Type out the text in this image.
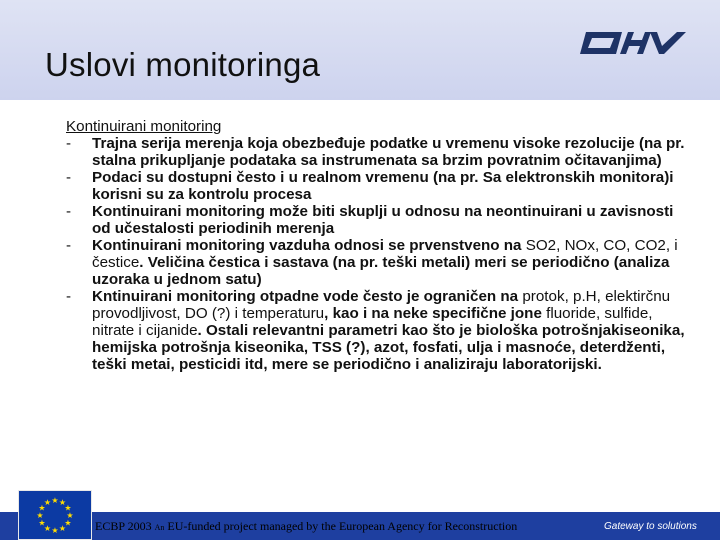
Uslovi monitoringa
Kontinuirani monitoring
- Trajna serija merenja koja obezbeđuje podatke u vremenu visoke rezolucije (na pr. stalna prikupljanje podataka sa instrumenata sa brzim povratnim očitavanjima)
- Podaci su dostupni često i u realnom vremenu (na pr. Sa elektronskih monitora)i korisni su za kontrolu procesa
- Kontinuirani monitoring može biti skuplji u odnosu na neontinuirani u zavisnosti od učestalosti periodinih merenja
- Kontinuirani monitoring vazduha odnosi se prvenstveno na SO2, NOx, CO, CO2, i čestice. Veličina čestica i sastava (na pr. teški metali) meri se periodično (analiza uzoraka u jednom satu)
- Kntinuirani monitoring otpadne vode često je ograničen na protok, p.H, elektirčnu provodljivost, DO (?) i temperaturu, kao i na neke specifične jone fluoride, sulfide, nitrate i cijanide. Ostali relevantni parametri kao što je biološka potrošnjakiseonika, hemijska potrošnja kiseonika, TSS (?), azot, fosfati, ulja i masnoće, deterdženti, teški metai, pesticidi itd, mere se periodično i analiziraju laboratorijski.
★ ★
★
★
★
★
★
★
★
★
★
★
ECBP 2003 An EU-funded project managed by the European Agency for Reconstruction	Gateway to solutions
